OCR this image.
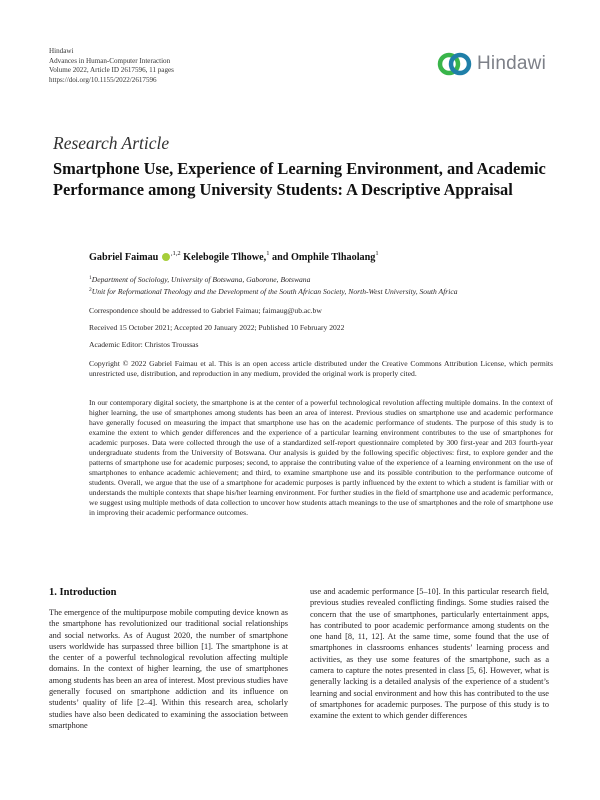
Hindawi
Advances in Human-Computer Interaction
Volume 2022, Article ID 2617596, 11 pages
https://doi.org/10.1155/2022/2617596
Hindawi
Research Article
Smartphone Use, Experience of Learning Environment, and Academic Performance among University Students: A Descriptive Appraisal
Gabriel Faimau $^{,1,2}$ Kelebogile Tlhowe,$^1$ and Omphile Tlhaolang$^1$
$^1$Department of Sociology, University of Botswana, Gaborone, Botswana
$^2$Unit for Reformational Theology and the Development of the South African Society, North-West University, South Africa
Correspondence should be addressed to Gabriel Faimau; faimaug@ub.ac.bw
Received 15 October 2021; Accepted 20 January 2022; Published 10 February 2022
Academic Editor: Christos Troussas
Copyright © 2022 Gabriel Faimau et al. This is an open access article distributed under the Creative Commons Attribution License, which permits unrestricted use, distribution, and reproduction in any medium, provided the original work is properly cited.
In our contemporary digital society, the smartphone is at the center of a powerful technological revolution affecting multiple domains. In the context of higher learning, the use of smartphones among students has been an area of interest. Previous studies on smartphone use and academic performance have generally focused on measuring the impact that smartphone use has on the academic performance of students. The purpose of this study is to examine the extent to which gender differences and the experience of a particular learning environment contributes to the use of smartphones for academic purposes. Data were collected through the use of a standardized self-report questionnaire completed by 300 first-year and 203 fourth-year undergraduate students from the University of Botswana. Our analysis is guided by the following specific objectives: first, to explore gender and the patterns of smartphone use for academic purposes; second, to appraise the contributing value of the experience of a learning environment on the use of smartphones to enhance academic achievement; and third, to examine smartphone use and its possible contribution to the performance outcome of students. Overall, we argue that the use of a smartphone for academic purposes is partly influenced by the extent to which a student is familiar with or understands the multiple contexts that shape his/her learning environment. For further studies in the field of smartphone use and academic performance, we suggest using multiple methods of data collection to uncover how students attach meanings to the use of smartphones and the role of smartphone use in improving their academic performance outcomes.
1. Introduction
The emergence of the multipurpose mobile computing device known as the smartphone has revolutionized our traditional social relationships and social networks. As of August 2020, the number of smartphone users worldwide has surpassed three billion [1]. The smartphone is at the center of a powerful technological revolution affecting multiple domains. In the context of higher learning, the use of smartphones among students has been an area of interest. Most previous studies have generally focused on smartphone addiction and its influence on students’ quality of life [2–4]. Within this research area, scholarly studies have also been dedicated to examining the association between smartphone
use and academic performance [5–10]. In this particular research field, previous studies revealed conflicting findings. Some studies raised the concern that the use of smartphones, particularly entertainment apps, has contributed to poor academic performance among students on the one hand [8, 11, 12]. At the same time, some found that the use of smartphones in classrooms enhances students’ learning process and activities, as they use some features of the smartphone, such as a camera to capture the notes presented in class [5, 6]. However, what is generally lacking is a detailed analysis of the experience of a student’s learning and social environment and how this has contributed to the use of smartphones for academic purposes. The purpose of this study is to examine the extent to which gender differences
